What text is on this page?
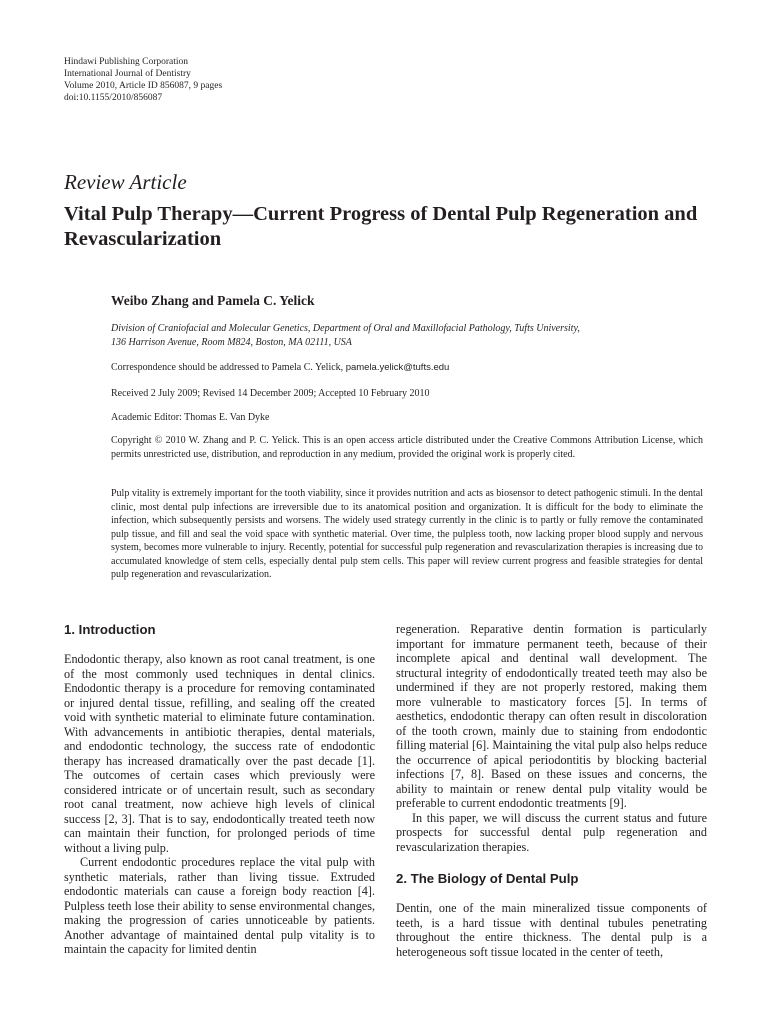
Hindawi Publishing Corporation
International Journal of Dentistry
Volume 2010, Article ID 856087, 9 pages
doi:10.1155/2010/856087
Review Article
Vital Pulp Therapy—Current Progress of Dental Pulp Regeneration and Revascularization
Weibo Zhang and Pamela C. Yelick
Division of Craniofacial and Molecular Genetics, Department of Oral and Maxillofacial Pathology, Tufts University,
136 Harrison Avenue, Room M824, Boston, MA 02111, USA
Correspondence should be addressed to Pamela C. Yelick, pamela.yelick@tufts.edu
Received 2 July 2009; Revised 14 December 2009; Accepted 10 February 2010
Academic Editor: Thomas E. Van Dyke
Copyright © 2010 W. Zhang and P. C. Yelick. This is an open access article distributed under the Creative Commons Attribution License, which permits unrestricted use, distribution, and reproduction in any medium, provided the original work is properly cited.
Pulp vitality is extremely important for the tooth viability, since it provides nutrition and acts as biosensor to detect pathogenic stimuli. In the dental clinic, most dental pulp infections are irreversible due to its anatomical position and organization. It is difficult for the body to eliminate the infection, which subsequently persists and worsens. The widely used strategy currently in the clinic is to partly or fully remove the contaminated pulp tissue, and fill and seal the void space with synthetic material. Over time, the pulpless tooth, now lacking proper blood supply and nervous system, becomes more vulnerable to injury. Recently, potential for successful pulp regeneration and revascularization therapies is increasing due to accumulated knowledge of stem cells, especially dental pulp stem cells. This paper will review current progress and feasible strategies for dental pulp regeneration and revascularization.
1. Introduction

Endodontic therapy, also known as root canal treatment, is one of the most commonly used techniques in dental clinics. Endodontic therapy is a procedure for removing contaminated or injured dental tissue, refilling, and sealing off the created void with synthetic material to eliminate future contamination. With advancements in antibiotic therapies, dental materials, and endodontic technology, the success rate of endodontic therapy has increased dramatically over the past decade [1]. The outcomes of certain cases which previously were considered intricate or of uncertain result, such as secondary root canal treatment, now achieve high levels of clinical success [2, 3]. That is to say, endodontically treated teeth now can maintain their function, for prolonged periods of time without a living pulp.

Current endodontic procedures replace the vital pulp with synthetic materials, rather than living tissue. Extruded endodontic materials can cause a foreign body reaction [4]. Pulpless teeth lose their ability to sense environmental changes, making the progression of caries unnoticeable by patients. Another advantage of maintained dental pulp vitality is to maintain the capacity for limited dentin

regeneration. Reparative dentin formation is particularly important for immature permanent teeth, because of their incomplete apical and dentinal wall development. The structural integrity of endodontically treated teeth may also be undermined if they are not properly restored, making them more vulnerable to masticatory forces [5]. In terms of aesthetics, endodontic therapy can often result in discoloration of the tooth crown, mainly due to staining from endodontic filling material [6]. Maintaining the vital pulp also helps reduce the occurrence of apical periodontitis by blocking bacterial infections [7, 8]. Based on these issues and concerns, the ability to maintain or renew dental pulp vitality would be preferable to current endodontic treatments [9].

In this paper, we will discuss the current status and future prospects for successful dental pulp regeneration and revascularization therapies.

2. The Biology of Dental Pulp

Dentin, one of the main mineralized tissue components of teeth, is a hard tissue with dentinal tubules penetrating throughout the entire thickness. The dental pulp is a heterogeneous soft tissue located in the center of teeth,
